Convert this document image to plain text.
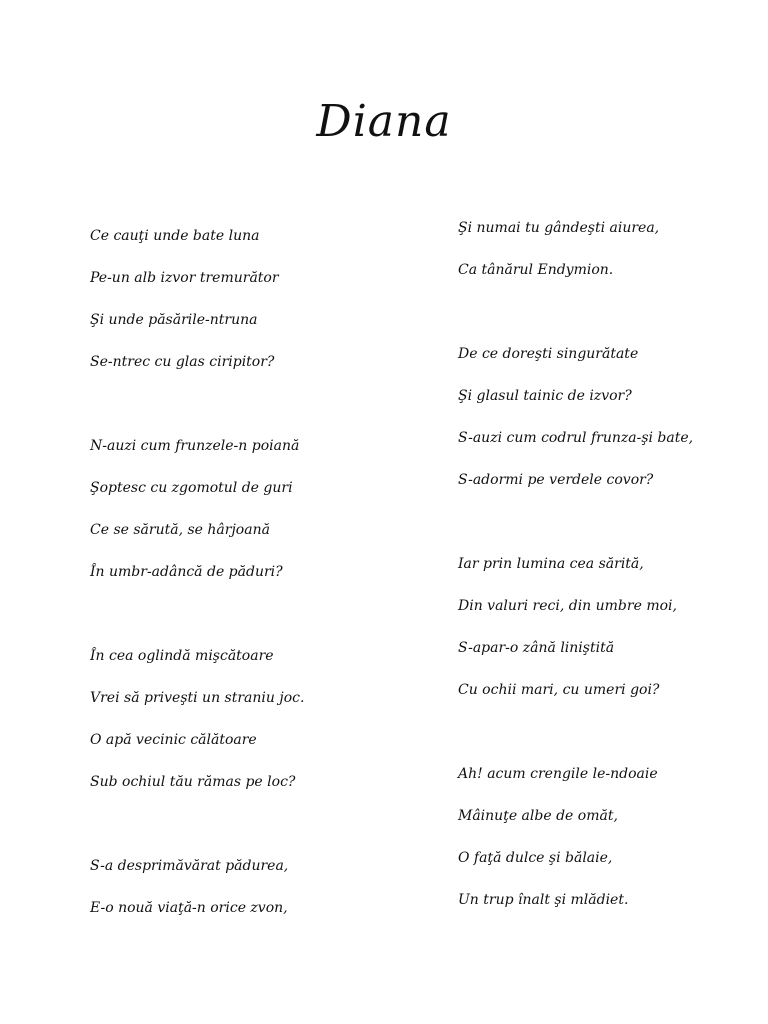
Diana
Ce cauţi unde bate luna
Pe-un alb izvor tremurător
Şi unde păsările-ntruna
Se-ntrec cu glas ciripitor?
N-auzi cum frunzele-n poiană
Şoptesc cu zgomotul de guri
Ce se sărută, se hârjoană
În umbr-adâncă de păduri?
În cea oglindă mişcătoare
Vrei să priveşti un straniu joc.
O apă vecinic călătoare
Sub ochiul tău rămas pe loc?
S-a desprimăvărat pădurea,
E-o nouă viaţă-n orice zvon,
Şi numai tu gândeşti aiurea,
Ca tânărul Endymion.
De ce doreşti singurătate
Şi glasul tainic de izvor?
S-auzi cum codrul frunza-şi bate,
S-adormi pe verdele covor?
Iar prin lumina cea sărită,
Din valuri reci, din umbre moi,
S-apar-o zână liniştită
Cu ochii mari, cu umeri goi?
Ah! acum crengile le-ndoaie
Mâinuţe albe de omăt,
O faţă dulce şi bălaie,
Un trup înalt şi mlădiet.
